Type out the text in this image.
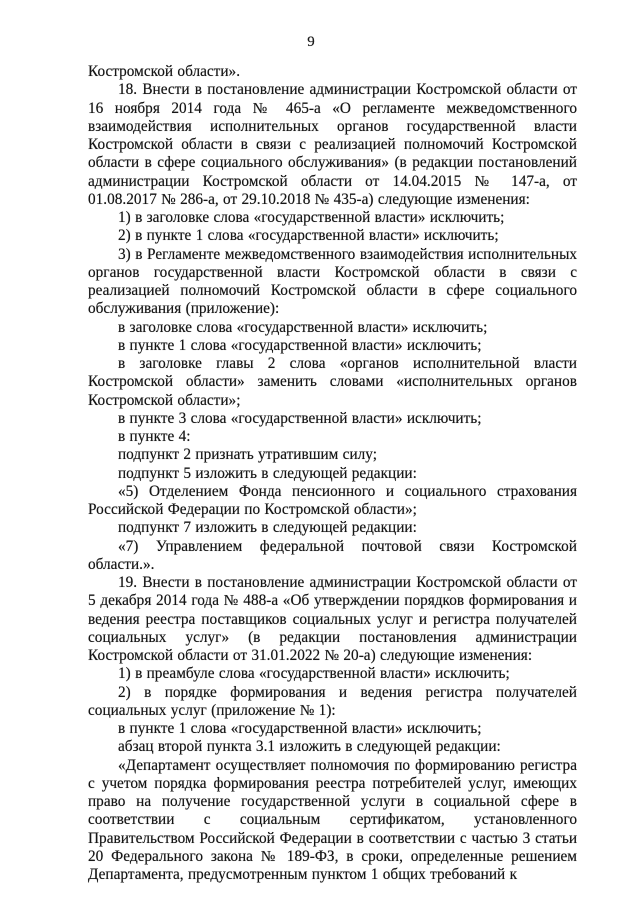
9

Костромской области».

18. Внести в постановление администрации Костромской области от 16 ноября 2014 года № 465-а «О регламенте межведомственного взаимодействия исполнительных органов государственной власти Костромской области в связи с реализацией полномочий Костромской области в сфере социального обслуживания» (в редакции постановлений администрации Костромской области от 14.04.2015 № 147-а, от 01.08.2017 № 286-а, от 29.10.2018 № 435-а) следующие изменения:

1) в заголовке слова «государственной власти» исключить;

2) в пункте 1 слова «государственной власти» исключить;

3) в Регламенте межведомственного взаимодействия исполнительных органов государственной власти Костромской области в связи с реализацией полномочий Костромской области в сфере социального обслуживания (приложение):

в заголовке слова «государственной власти» исключить;

в пункте 1 слова «государственной власти» исключить;

в заголовке главы 2 слова «органов исполнительной власти Костромской области» заменить словами «исполнительных органов Костромской области»;

в пункте 3 слова «государственной власти» исключить;

в пункте 4:

подпункт 2 признать утратившим силу;

подпункт 5 изложить в следующей редакции:

«5) Отделением Фонда пенсионного и социального страхования Российской Федерации по Костромской области»;

подпункт 7 изложить в следующей редакции:

«7) Управлением федеральной почтовой связи Костромской области.».

19. Внести в постановление администрации Костромской области от 5 декабря 2014 года № 488-а «Об утверждении порядков формирования и ведения реестра поставщиков социальных услуг и регистра получателей социальных услуг» (в редакции постановления администрации Костромской области от 31.01.2022 № 20-а) следующие изменения:

1) в преамбуле слова «государственной власти» исключить;

2) в порядке формирования и ведения регистра получателей социальных услуг (приложение № 1):

в пункте 1 слова «государственной власти» исключить;

абзац второй пункта 3.1 изложить в следующей редакции:

«Департамент осуществляет полномочия по формированию регистра с учетом порядка формирования реестра потребителей услуг, имеющих право на получение государственной услуги в социальной сфере в соответствии с социальным сертификатом, установленного Правительством Российской Федерации в соответствии с частью 3 статьи 20 Федерального закона № 189-ФЗ, в сроки, определенные решением Департамента, предусмотренным пунктом 1 общих требований к
